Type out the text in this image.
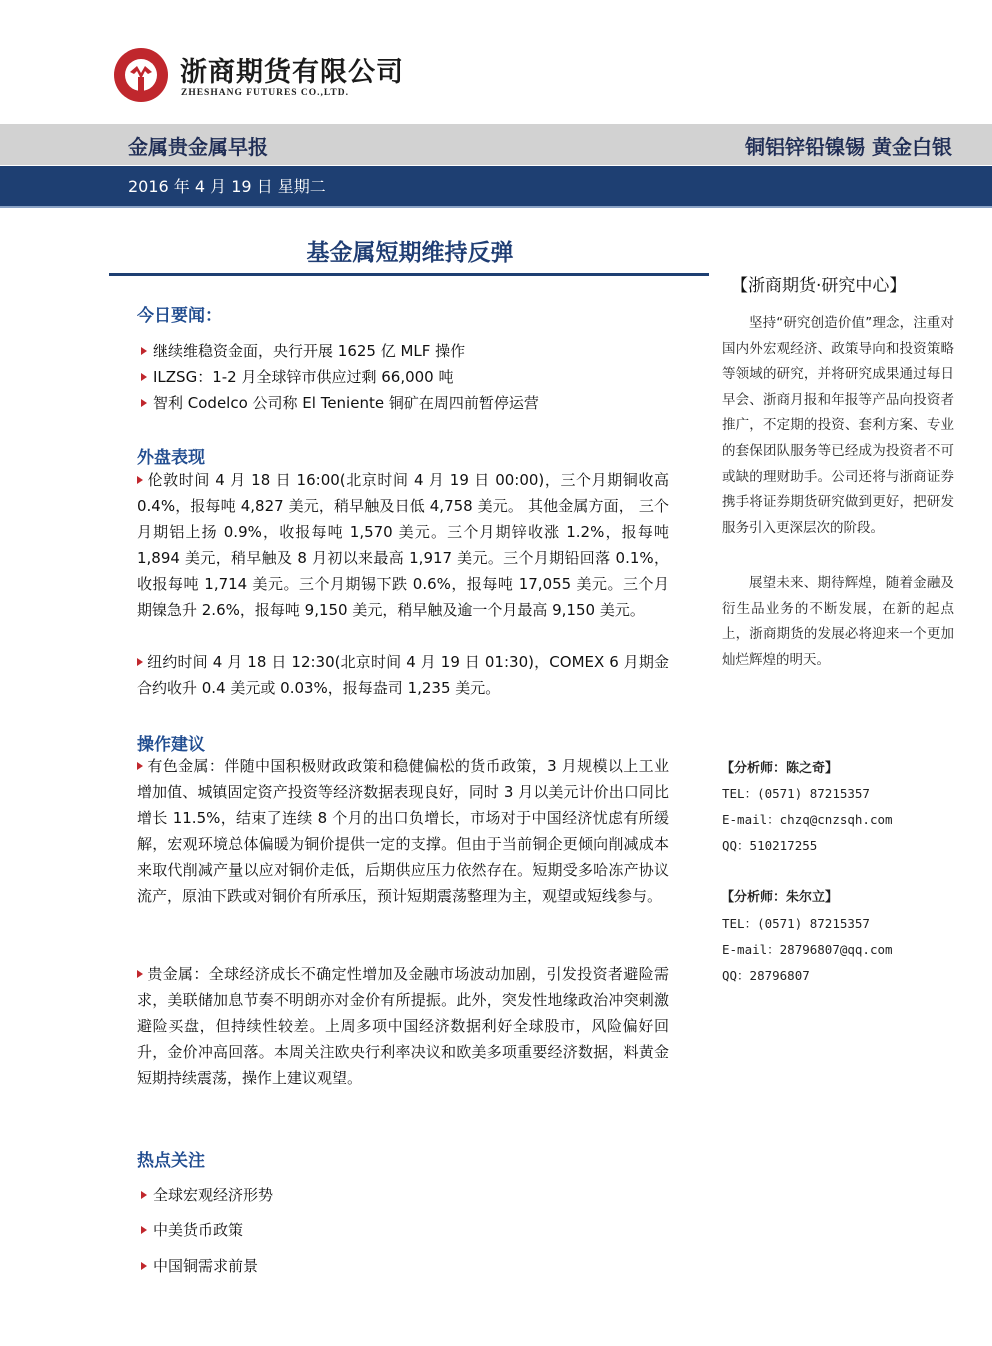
浙商期货有限公司
ZHESHANG FUTURES CO.,LTD.
金属贵金属早报	铜铝锌铅镍锡 黄金白银
2016 年 4 月 19 日 星期二
基金属短期维持反弹
今日要闻：
继续维稳资金面，央行开展 1625 亿 MLF 操作
ILZSG：1-2 月全球锌市供应过剩 66,000 吨
智利 Codelco 公司称 El Teniente 铜矿在周四前暂停运营
外盘表现
伦敦时间 4 月 18 日 16:00(北京时间 4 月 19 日 00:00)，三个月期铜收高 0.4%，报每吨 4,827 美元，稍早触及日低 4,758 美元。 其他金属方面， 三个月期铝上扬 0.9%，收报每吨 1,570 美元。三个月期锌收涨 1.2%，报每吨 1,894 美元，稍早触及 8 月初以来最高 1,917 美元。三个月期铅回落 0.1%，收报每吨 1,714 美元。三个月期锡下跌 0.6%，报每吨 17,055 美元。三个月期镍急升 2.6%，报每吨 9,150 美元，稍早触及逾一个月最高 9,150 美元。
纽约时间 4 月 18 日 12:30(北京时间 4 月 19 日 01:30)，COMEX 6 月期金合约收升 0.4 美元或 0.03%，报每盎司 1,235 美元。
操作建议
有色金属：伴随中国积极财政政策和稳健偏松的货币政策，3 月规模以上工业增加值、城镇固定资产投资等经济数据表现良好，同时 3 月以美元计价出口同比增长 11.5%，结束了连续 8 个月的出口负增长，市场对于中国经济忧虑有所缓解，宏观环境总体偏暖为铜价提供一定的支撑。但由于当前铜企更倾向削减成本来取代削减产量以应对铜价走低，后期供应压力依然存在。短期受多哈冻产协议流产，原油下跌或对铜价有所承压，预计短期震荡整理为主，观望或短线参与。
贵金属：全球经济成长不确定性增加及金融市场波动加剧，引发投资者避险需求，美联储加息节奏不明朗亦对金价有所提振。此外，突发性地缘政治冲突刺激避险买盘，但持续性较差。上周多项中国经济数据利好全球股市，风险偏好回升，金价冲高回落。本周关注欧央行利率决议和欧美多项重要经济数据，料黄金短期持续震荡，操作上建议观望。
热点关注
全球宏观经济形势
中美货币政策
中国铜需求前景
【浙商期货·研究中心】
坚持“研究创造价值”理念，注重对国内外宏观经济、政策导向和投资策略等领域的研究，并将研究成果通过每日早会、浙商月报和年报等产品向投资者推广，不定期的投资、套利方案、专业的套保团队服务等已经成为投资者不可或缺的理财助手。公司还将与浙商证券携手将证券期货研究做到更好，把研发服务引入更深层次的阶段。
展望未来、期待辉煌，随着金融及衍生品业务的不断发展，在新的起点上，浙商期货的发展必将迎来一个更加灿烂辉煌的明天。
【分析师：陈之奇】
TEL：(0571) 87215357
E-mail：chzq@cnzsqh.com
QQ：510217255
【分析师：朱尔立】
TEL：(0571) 87215357
E-mail：28796807@qq.com
QQ：28796807
